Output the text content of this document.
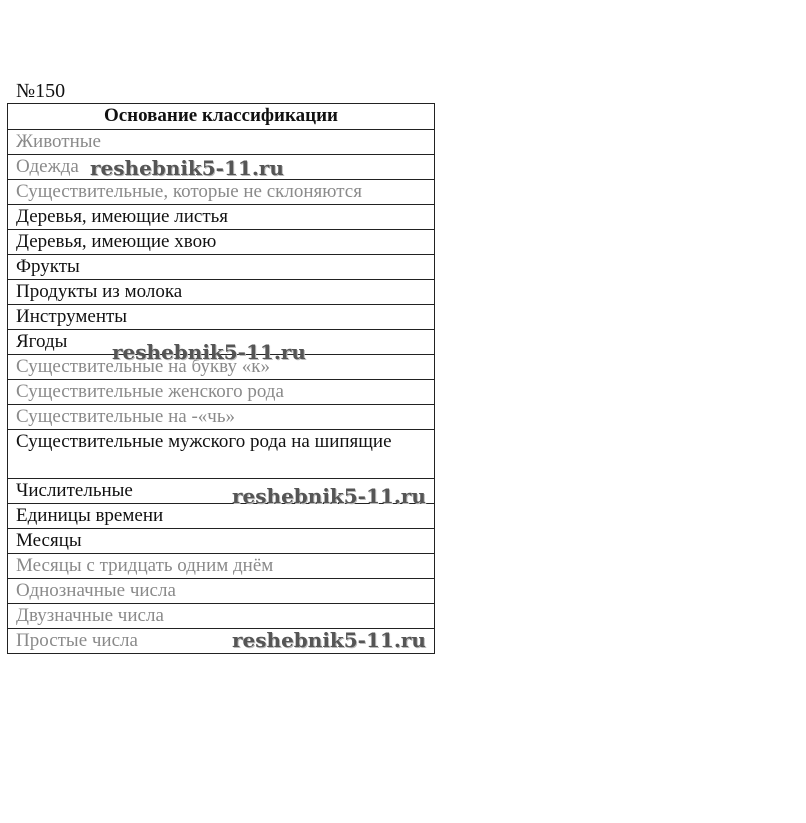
№150
Основание классификации
Животные
Одежда
Существительные, которые не склоняются
Деревья, имеющие листья
Деревья, имеющие хвою
Фрукты
Продукты из молока
Инструменты
Ягоды
Существительные на букву «к»
Существительные женского рода
Существительные на -«чь»
Существительные мужского рода на шипящие
Числительные
Единицы времени
Месяцы
Месяцы с тридцать одним днём
Однозначные числа
Двузначные числа
Простые числа
reshebnik5-11.ru
reshebnik5-11.ru
reshebnik5-11.ru
reshebnik5-11.ru
